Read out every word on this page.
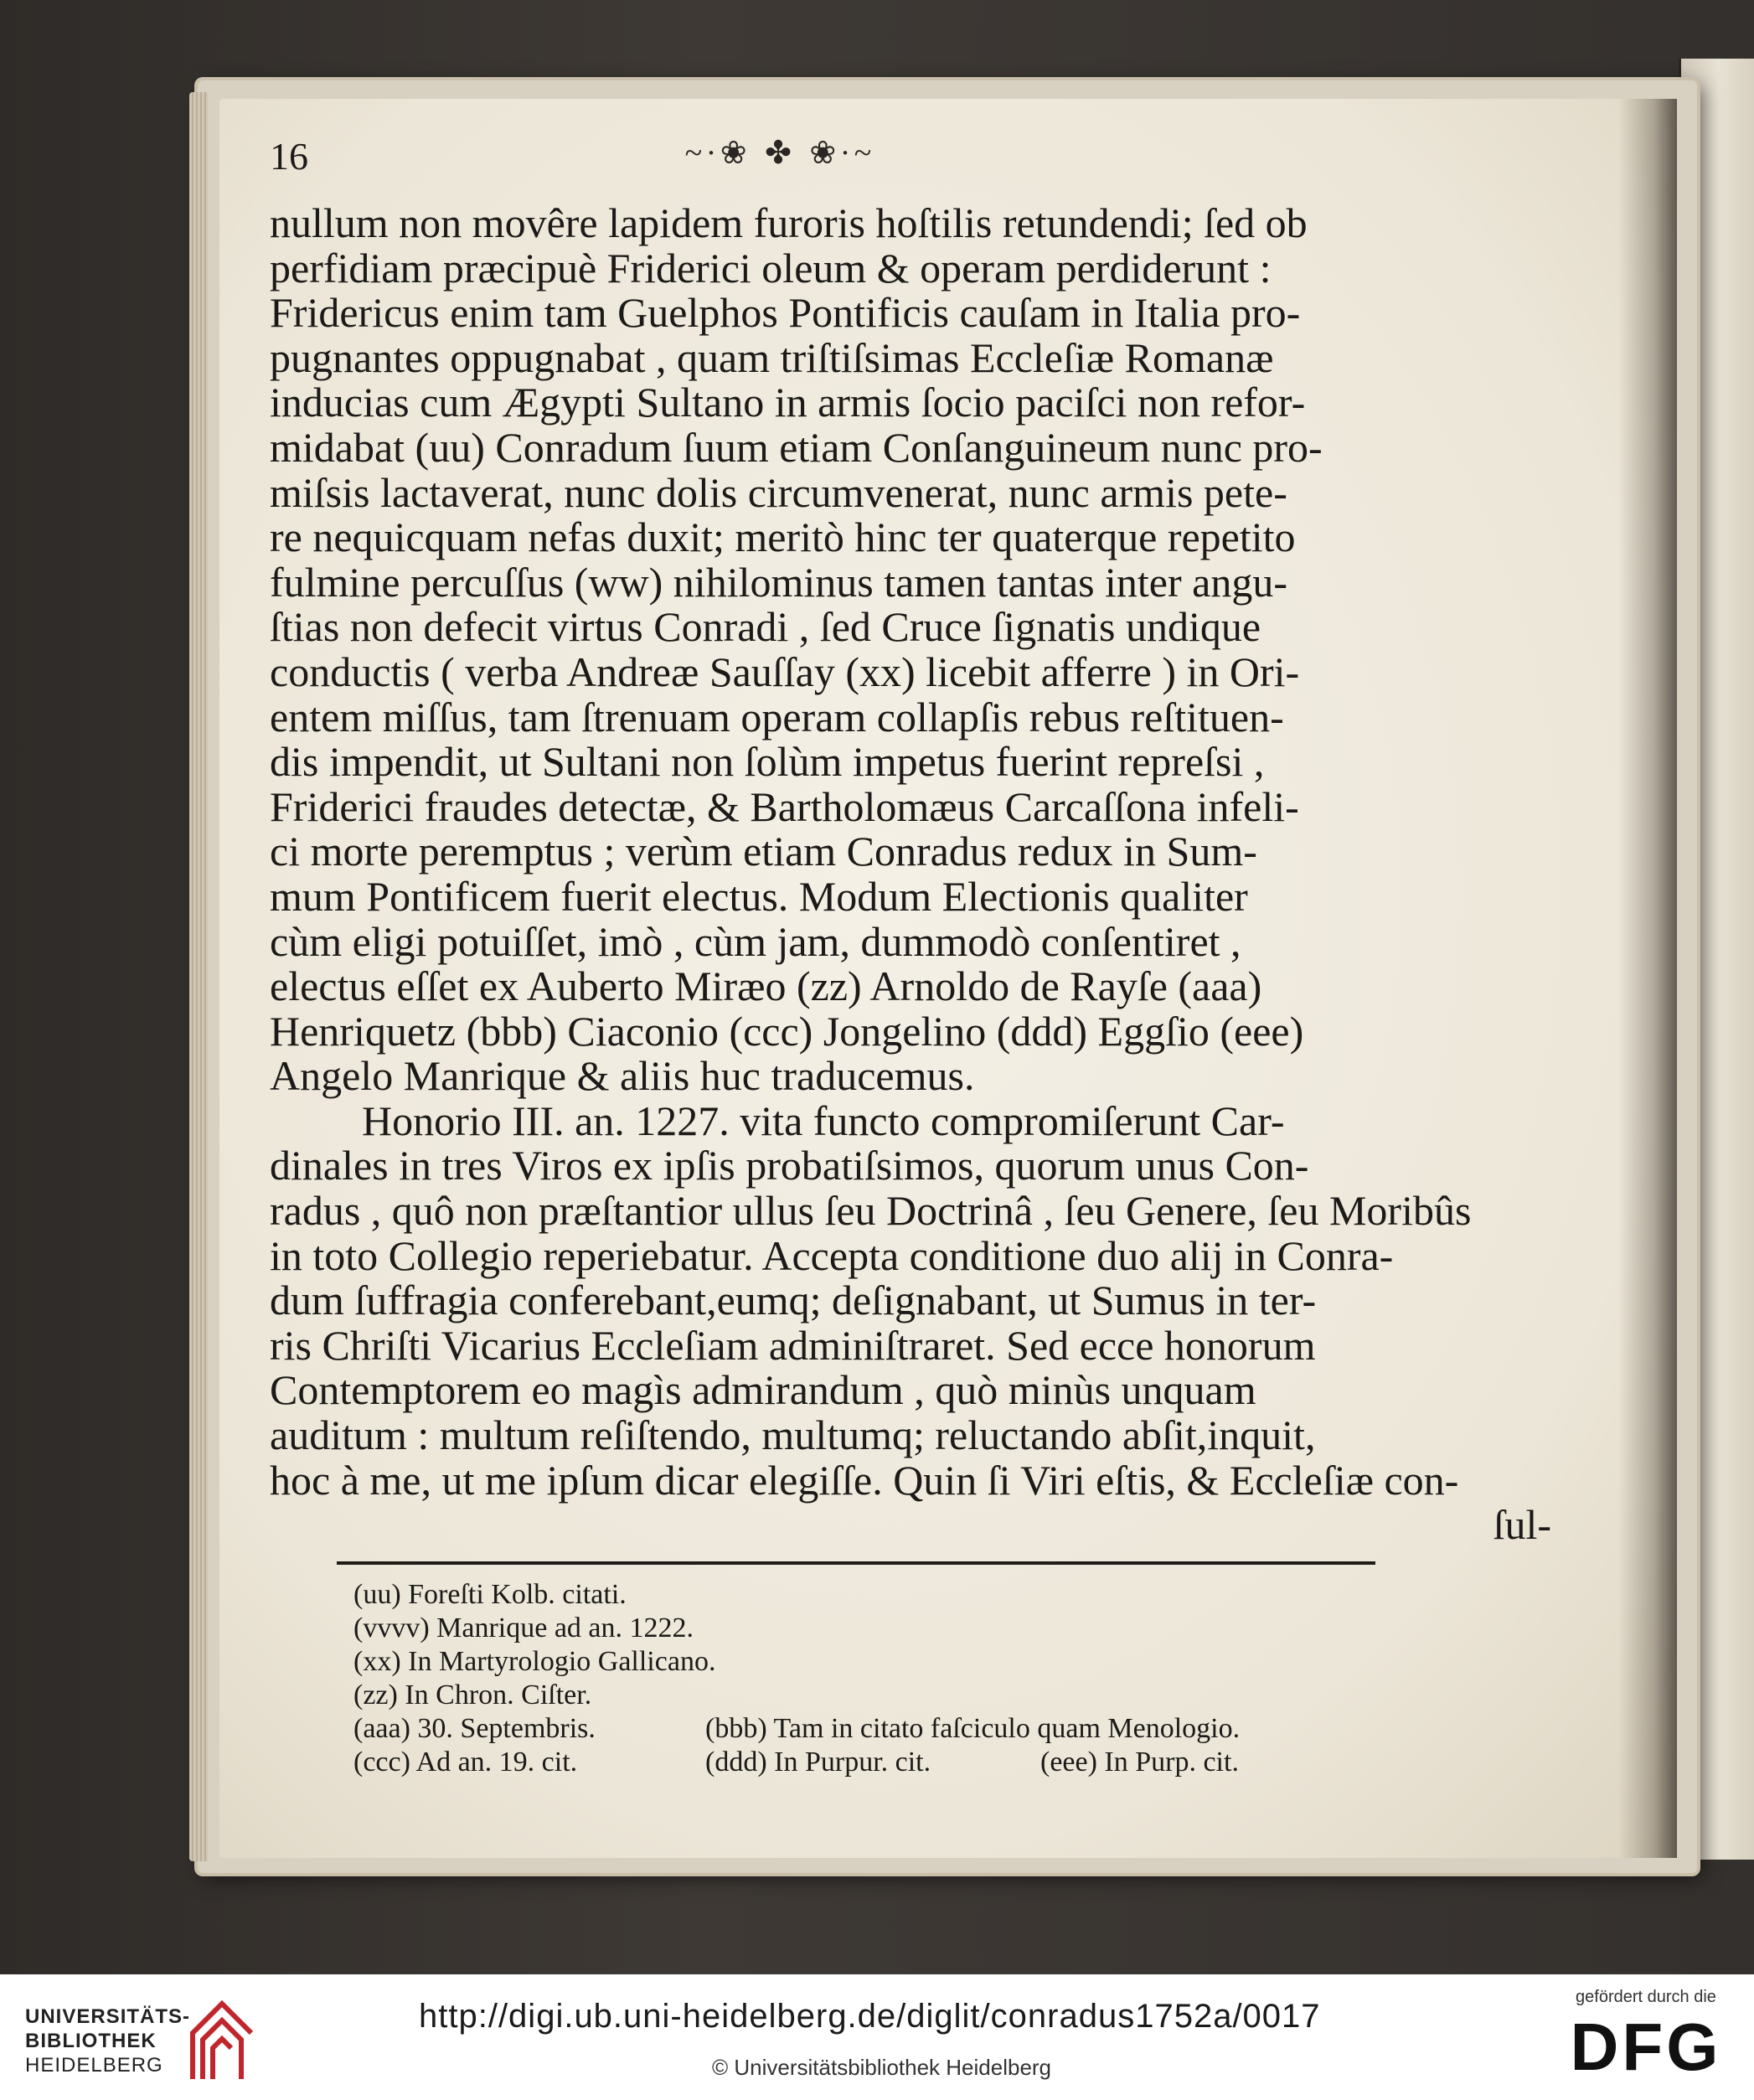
16	~∙❀ ✤ ❀∙~
nullum non movêre lapidem furoris hoſtilis retundendi; ſed ob
perfidiam præcipuè Friderici oleum & operam perdiderunt :
Fridericus enim tam Guelphos Pontificis cauſam in Italia pro-
pugnantes oppugnabat , quam triſtiſsimas Eccleſiæ Romanæ
inducias cum Ægypti Sultano in armis ſocio paciſci non refor-
midabat (uu) Conradum ſuum etiam Conſanguineum nunc pro-
miſsis lactaverat, nunc dolis circumvenerat, nunc armis pete-
re nequicquam nefas duxit; meritò hinc ter quaterque repetito
fulmine percuſſus (ww) nihilominus tamen tantas inter angu-
ſtias non defecit virtus Conradi , ſed Cruce ſignatis undique
conductis ( verba Andreæ Sauſſay (xx) licebit afferre ) in Ori-
entem miſſus, tam ſtrenuam operam collapſis rebus reſtituen-
dis impendit, ut Sultani non ſolùm impetus fuerint repreſsi ,
Friderici fraudes detectæ, & Bartholomæus Carcaſſona infeli-
ci morte peremptus ; verùm etiam Conradus redux in Sum-
mum Pontificem fuerit electus. Modum Electionis qualiter
cùm eligi potuiſſet, imò , cùm jam, dummodò conſentiret ,
electus eſſet ex Auberto Miræo (zz) Arnoldo de Rayſe (aaa)
Henriquetz (bbb) Ciaconio (ccc) Jongelino (ddd) Eggſio (eee)
Angelo Manrique & aliis huc traducemus.
Honorio III. an. 1227. vita functo compromiſerunt Car-
dinales in tres Viros ex ipſis probatiſsimos, quorum unus Con-
radus , quô non præſtantior ullus ſeu Doctrinâ , ſeu Genere, ſeu Moribûs
in toto Collegio reperiebatur. Accepta conditione duo alij in Conra-
dum ſuffragia conferebant,eumq; deſignabant, ut Sumus in ter-
ris Chriſti Vicarius Eccleſiam adminiſtraret. Sed ecce honorum
Contemptorem eo magìs admirandum , quò minùs unquam
auditum : multum reſiſtendo, multumq; reluctando abſit,inquit,
hoc à me, ut me ipſum dicar elegiſſe. Quin ſi Viri eſtis, & Eccleſiæ con-
ſul-
(uu) Foreſti Kolb. citati.
(vvvv) Manrique ad an. 1222.
(xx) In Martyrologio Gallicano.
(zz) In Chron. Ciſter.
(aaa) 30. Septembris.	(bbb) Tam in citato faſciculo quam Menologio.
(ccc) Ad an. 19. cit.	(ddd) In Purpur. cit.	(eee) In Purp. cit.
UNIVERSITÄTS-
BIBLIOTHEK
HEIDELBERG
http://digi.ub.uni-heidelberg.de/diglit/conradus1752a/0017
© Universitätsbibliothek Heidelberg
gefördert durch die
DFG
